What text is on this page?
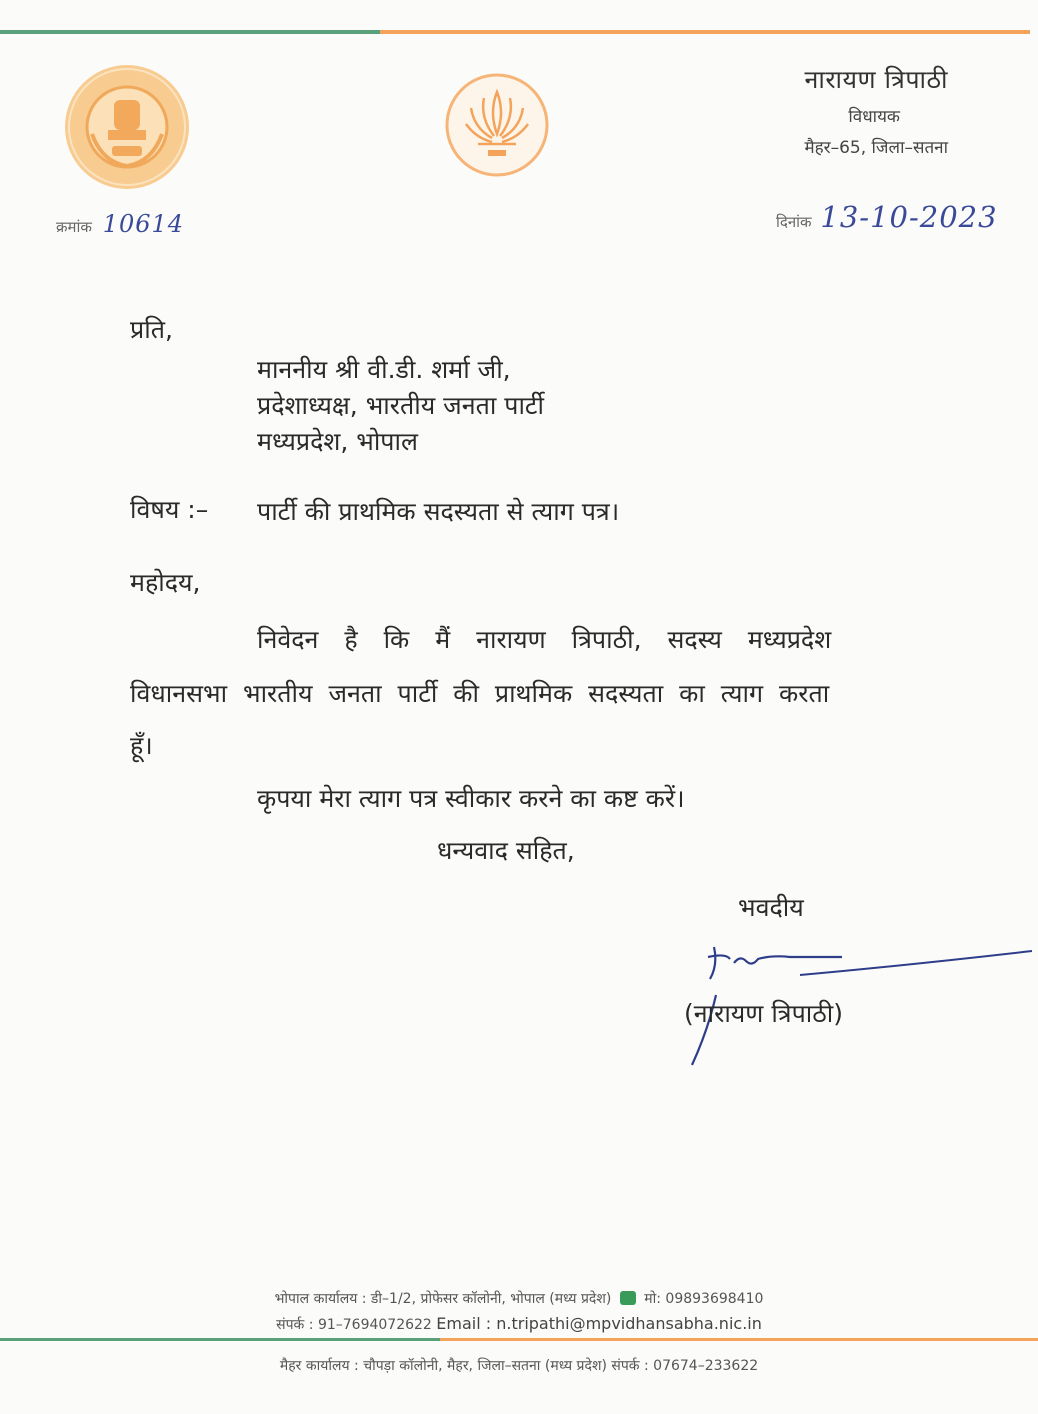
नारायण त्रिपाठी
विधायक
मैहर–65, जिला–सतना
क्रमांक 10614	दिनांक 13-10-2023
प्रति,
माननीय श्री वी.डी. शर्मा जी,
प्रदेशाध्यक्ष, भारतीय जनता पार्टी
मध्यप्रदेश, भोपाल
विषय :– पार्टी की प्राथमिक सदस्यता से त्याग पत्र।
महोदय,
निवेदन है कि मैं नारायण त्रिपाठी, सदस्य मध्यप्रदेश
विधानसभा भारतीय जनता पार्टी की प्राथमिक सदस्यता का त्याग करता
हूँ।
कृपया मेरा त्याग पत्र स्वीकार करने का कष्ट करें।
धन्यवाद सहित,
भवदीय
(नारायण त्रिपाठी)
भोपाल कार्यालय : डी–1/2, प्रोफेसर कॉलोनी, भोपाल (मध्य प्रदेश) मो: 09893698410
संपर्क : 91–7694072622 Email : n.tripathi@mpvidhansabha.nic.in
मैहर कार्यालय : चौपड़ा कॉलोनी, मैहर, जिला–सतना (मध्य प्रदेश) संपर्क : 07674–233622
